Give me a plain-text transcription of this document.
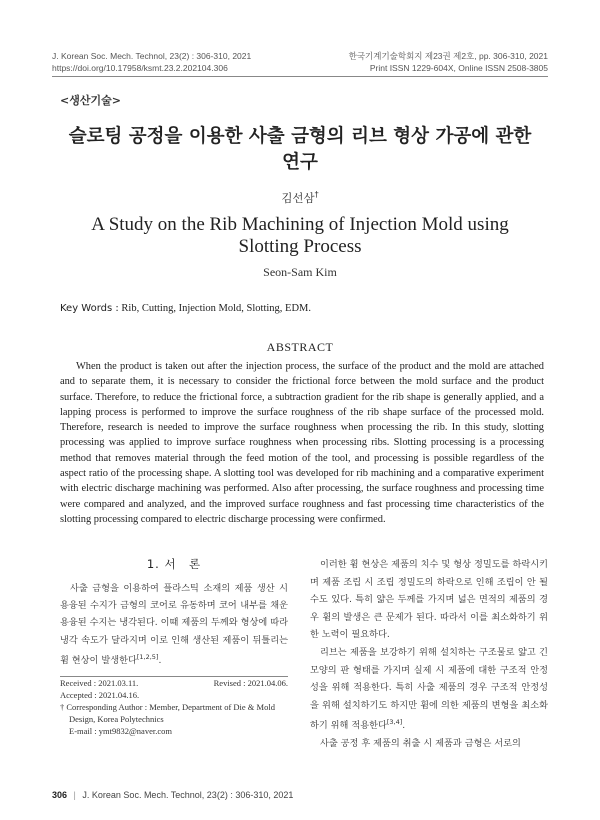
J. Korean Soc. Mech. Technol, 23(2) : 306-310, 2021
https://doi.org/10.17958/ksmt.23.2.202104.306
한국기계기술학회지 제23권 제2호, pp. 306-310, 2021
Print ISSN 1229-604X, Online ISSN 2508-3805
<생산기술>
슬로팅 공정을 이용한 사출 금형의 리브 형상 가공에 관한 연구
김선삼†
A Study on the Rib Machining of Injection Mold using Slotting Process
Seon-Sam Kim
Key Words : Rib, Cutting, Injection Mold, Slotting, EDM.
ABSTRACT

When the product is taken out after the injection process, the surface of the product and the mold are attached and to separate them, it is necessary to consider the frictional force between the mold surface and the product surface. Therefore, to reduce the frictional force, a subtraction gradient for the rib shape is generally applied, and a lapping process is performed to improve the surface roughness of the rib shape surface of the processed mold. Therefore, research is needed to improve the surface roughness when processing the rib. In this study, slotting processing was applied to improve surface roughness when processing ribs. Slotting processing is a processing method that removes material through the feed motion of the tool, and processing is possible regardless of the aspect ratio of the processing shape. A slotting tool was developed for rib machining and a comparative experiment with electric discharge machining was performed. Also after processing, the surface roughness and processing time were compared and analyzed, and the improved surface roughness and fast processing time characteristics of the slotting processing compared to electric discharge processing were confirmed.

1. 서　론

사출 금형을 이용하여 플라스틱 소재의 제품 생산 시 용융된 수지가 금형의 코어로 유동하며 코어 내부를 채운 용융된 수지는 냉각된다. 이때 제품의 두께와 형상에 따라 냉각 속도가 달라지며 이로 인해 생산된 제품이 뒤틀리는 휨 현상이 발생한다[1,2,5].

이러한 휨 현상은 제품의 치수 및 형상 정밀도를 하락시키며 제품 조립 시 조립 정밀도의 하락으로 인해 조립이 안 될 수도 있다. 특히 얇은 두께를 가지며 넓은 면적의 제품의 경우 휨의 발생은 큰 문제가 된다. 따라서 이를 최소화하기 위한 노력이 필요하다.

리브는 제품을 보강하기 위해 설치하는 구조물로 얇고 긴 모양의 판 형태를 가지며 실제 시 제품에 대한 구조적 안정성을 위해 적용한다. 특히 사출 제품의 경우 구조적 안정성을 위해 설치하기도 하지만 휨에 의한 제품의 변형을 최소화하기 위해 적용한다[3,4].

사출 공정 후 제품의 취출 시 제품과 금형은 서로의

Received : 2021.03.11.	Revised : 2021.04.06.
Accepted : 2021.04.16.
† Corresponding Author : Member, Department of Die & Mold Design, Korea Polytechnics
E-mail : ymt9832@naver.com
306 | J. Korean Soc. Mech. Technol, 23(2) : 306-310, 2021
